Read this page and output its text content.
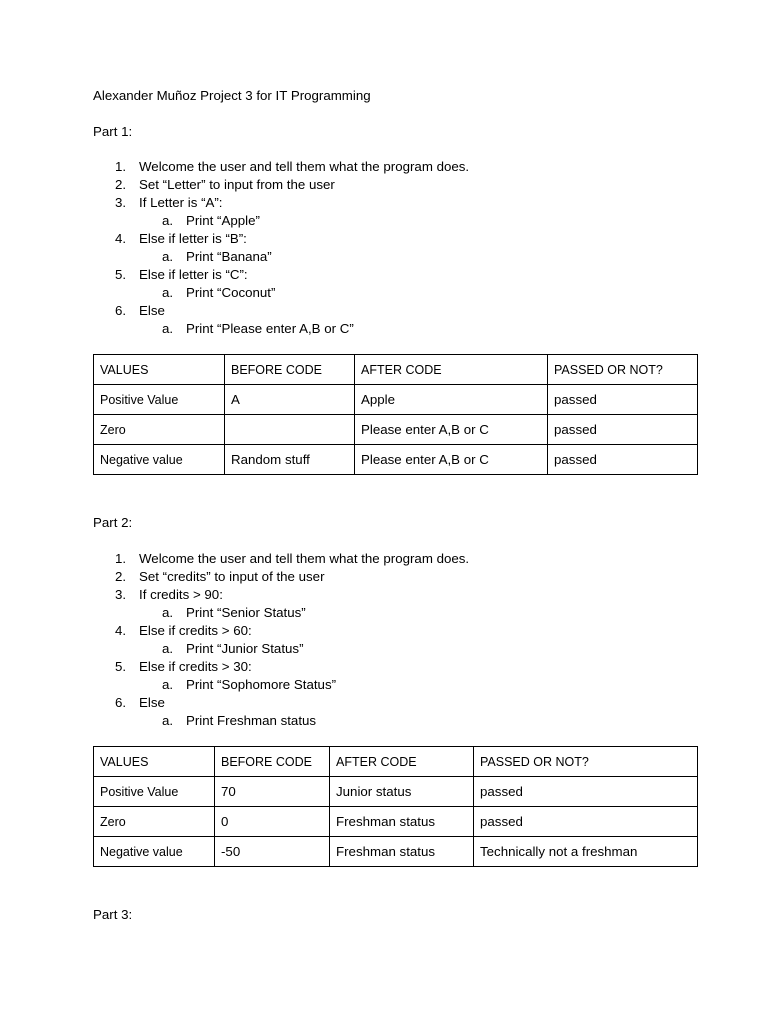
Alexander Muñoz Project 3 for IT Programming
Part 1:
1. Welcome the user and tell them what the program does.
2. Set “Letter” to input from the user
3. If Letter is “A”:
a. Print “Apple”
4. Else if letter is “B”:
a. Print “Banana”
5. Else if letter is “C”:
a. Print “Coconut”
6. Else
a. Print “Please enter A,B or C”
VALUES	BEFORE CODE	AFTER CODE	PASSED OR NOT?
Positive Value	A	Apple	passed
Zero		Please enter A,B or C	passed
Negative value	Random stuff	Please enter A,B or C	passed
Part 2:
1. Welcome the user and tell them what the program does.
2. Set “credits” to input of the user
3. If credits > 90:
a. Print “Senior Status”
4. Else if credits > 60:
a. Print “Junior Status”
5. Else if credits > 30:
a. Print “Sophomore Status”
6. Else
a. Print Freshman status
VALUES	BEFORE CODE	AFTER CODE	PASSED OR NOT?
Positive Value	70	Junior status	passed
Zero	0	Freshman status	passed
Negative value	-50	Freshman status	Technically not a freshman
Part 3:
